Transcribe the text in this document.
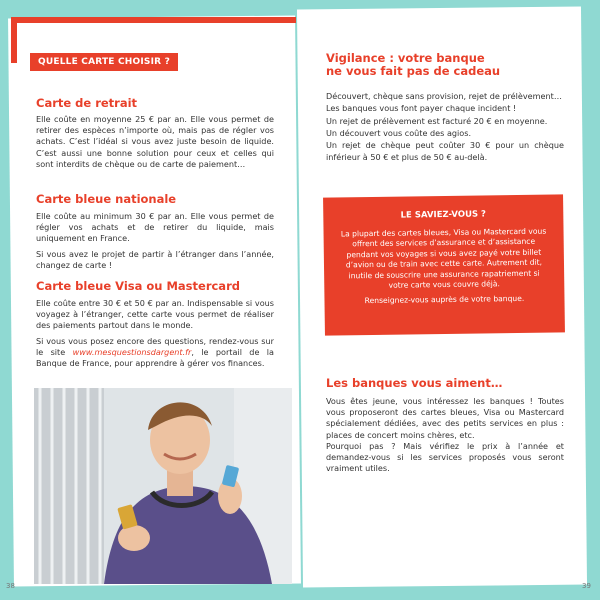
QUELLE CARTE CHOISIR ?
Carte de retrait

Elle coûte en moyenne 25 € par an. Elle vous permet de retirer des espèces n’importe où, mais pas de régler vos achats. C’est l’idéal si vous avez juste besoin de liquide. C’est aussi une bonne solution pour ceux et celles qui sont interdits de chèque ou de carte de paiement…

Carte bleue nationale

Elle coûte au minimum 30 € par an. Elle vous permet de régler vos achats et de retirer du liquide, mais uniquement en France.

Si vous avez le projet de partir à l’étranger dans l’année, changez de carte !

Carte bleue Visa ou Mastercard

Elle coûte entre 30 € et 50 € par an. Indispensable si vous voyagez à l’étranger, cette carte vous permet de réaliser des paiements partout dans le monde.

Si vous vous posez encore des questions, rendez-vous sur le site www.mesquestionsdargent.fr, le portail de la Banque de France, pour apprendre à gérer vos finances.

38
Vigilance : votre banque
ne vous fait pas de cadeau
Découvert, chèque sans provision, rejet de prélèvement…
Les banques vous font payer chaque incident !
Un rejet de prélèvement est facturé 20 € en moyenne.
Un découvert vous coûte des agios.
Un rejet de chèque peut coûter 30 € pour un chèque inférieur à 50 € et plus de 50 € au-delà.
LE SAVIEZ-VOUS ?

La plupart des cartes bleues, Visa ou Mastercard vous offrent des services d’assurance et d’assistance pendant vos voyages si vous avez payé votre billet d’avion ou de train avec cette carte. Autrement dit, inutile de souscrire une assurance rapatriement si votre carte vous couvre déjà.

Renseignez-vous auprès de votre banque.

Les banques vous aiment…

Vous êtes jeune, vous intéressez les banques ! Toutes vous proposeront des cartes bleues, Visa ou Mastercard spécialement dédiées, avec des petits services en plus : places de concert moins chères, etc.

Pourquoi pas ? Mais vérifiez le prix à l’année et demandez-vous si les services proposés vous seront vraiment utiles.

39
